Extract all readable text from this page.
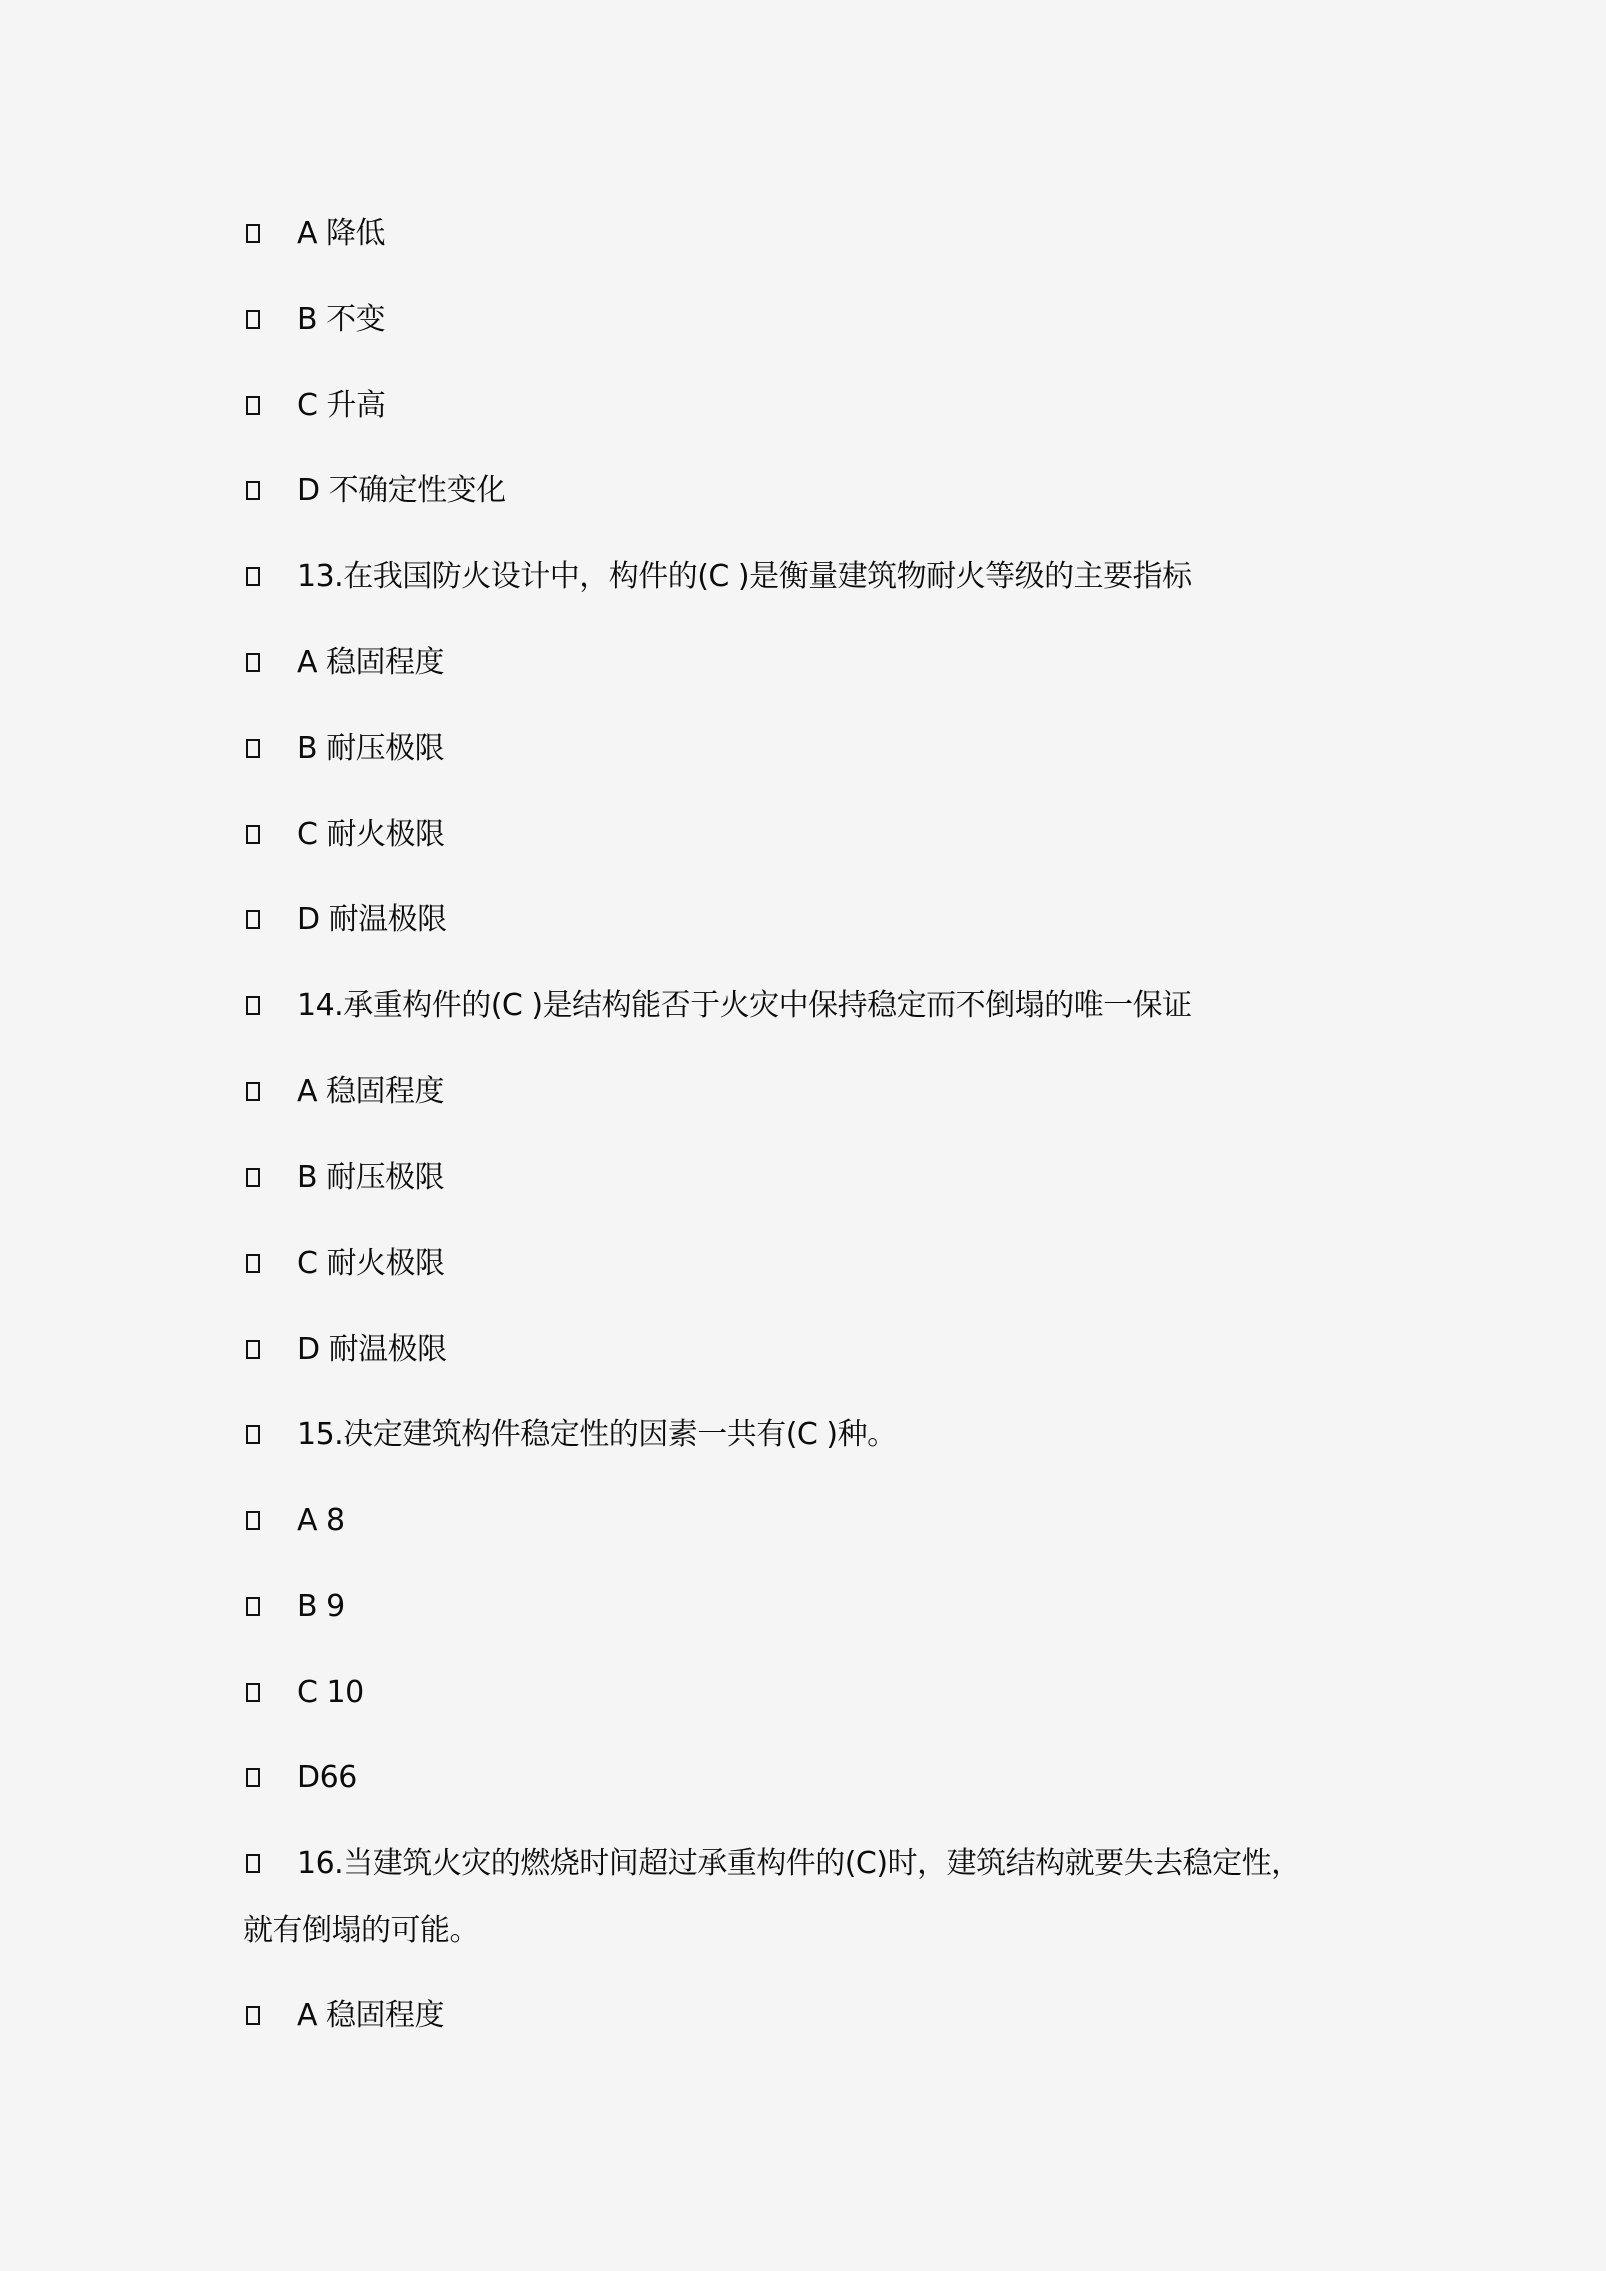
A 降低
B 不变
C 升高
D 不确定性变化
13.在我国防火设计中，构件的(C )是衡量建筑物耐火等级的主要指标
A 稳固程度
B 耐压极限
C 耐火极限
D 耐温极限
14.承重构件的(C )是结构能否于火灾中保持稳定而不倒塌的唯一保证
A 稳固程度
B 耐压极限
C 耐火极限
D 耐温极限
15.决定建筑构件稳定性的因素一共有(C )种。
A 8
B 9
C 10
D66
16.当建筑火灾的燃烧时间超过承重构件的(C)时，建筑结构就要失去稳定性，
就有倒塌的可能。
A 稳固程度
